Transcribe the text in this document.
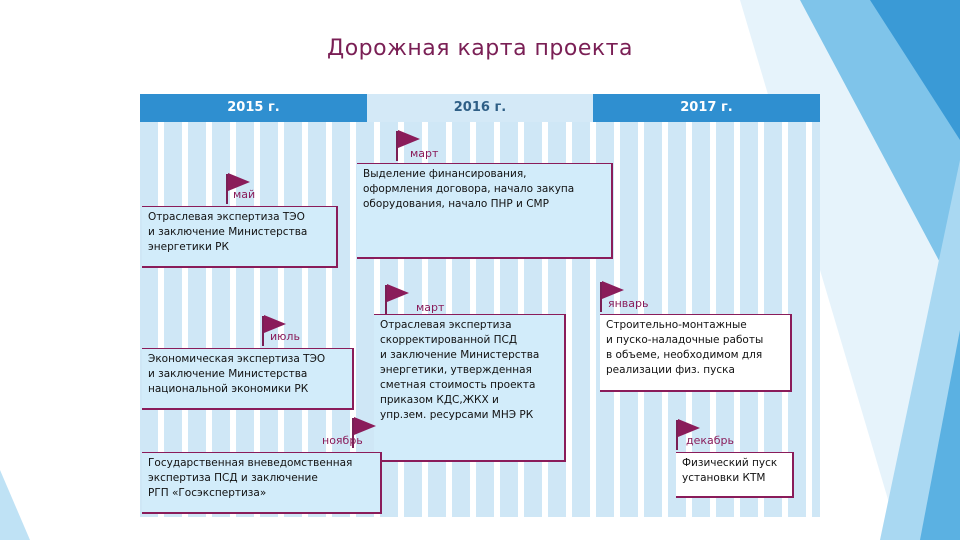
Дорожная карта проекта
2015 г.	2016 г.	2017 г.
май

Отраслевая экспертиза ТЭО

и заключение Министерства

энергетики РК

март

Выделение финансирования,

оформления договора, начало закупа

оборудования, начало ПНР и СМР

июль

Экономическая экспертиза ТЭО

и заключение Министерства

национальной экономики РК

март

Отраслевая экспертиза

скорректированной ПСД

и заключение Министерства

энергетики, утвержденная

сметная стоимость проекта

приказом КДС,ЖКХ и

упр.зем. ресурсами МНЭ РК

январь

Строительно-монтажные

и пуско-наладочные работы

в объеме, необходимом для

реализации физ. пуска

ноябрь

Государственная вневедомственная

экспертиза ПСД и заключение

РГП «Госэкспертиза»

декабрь

Физический пуск

установки КТМ
